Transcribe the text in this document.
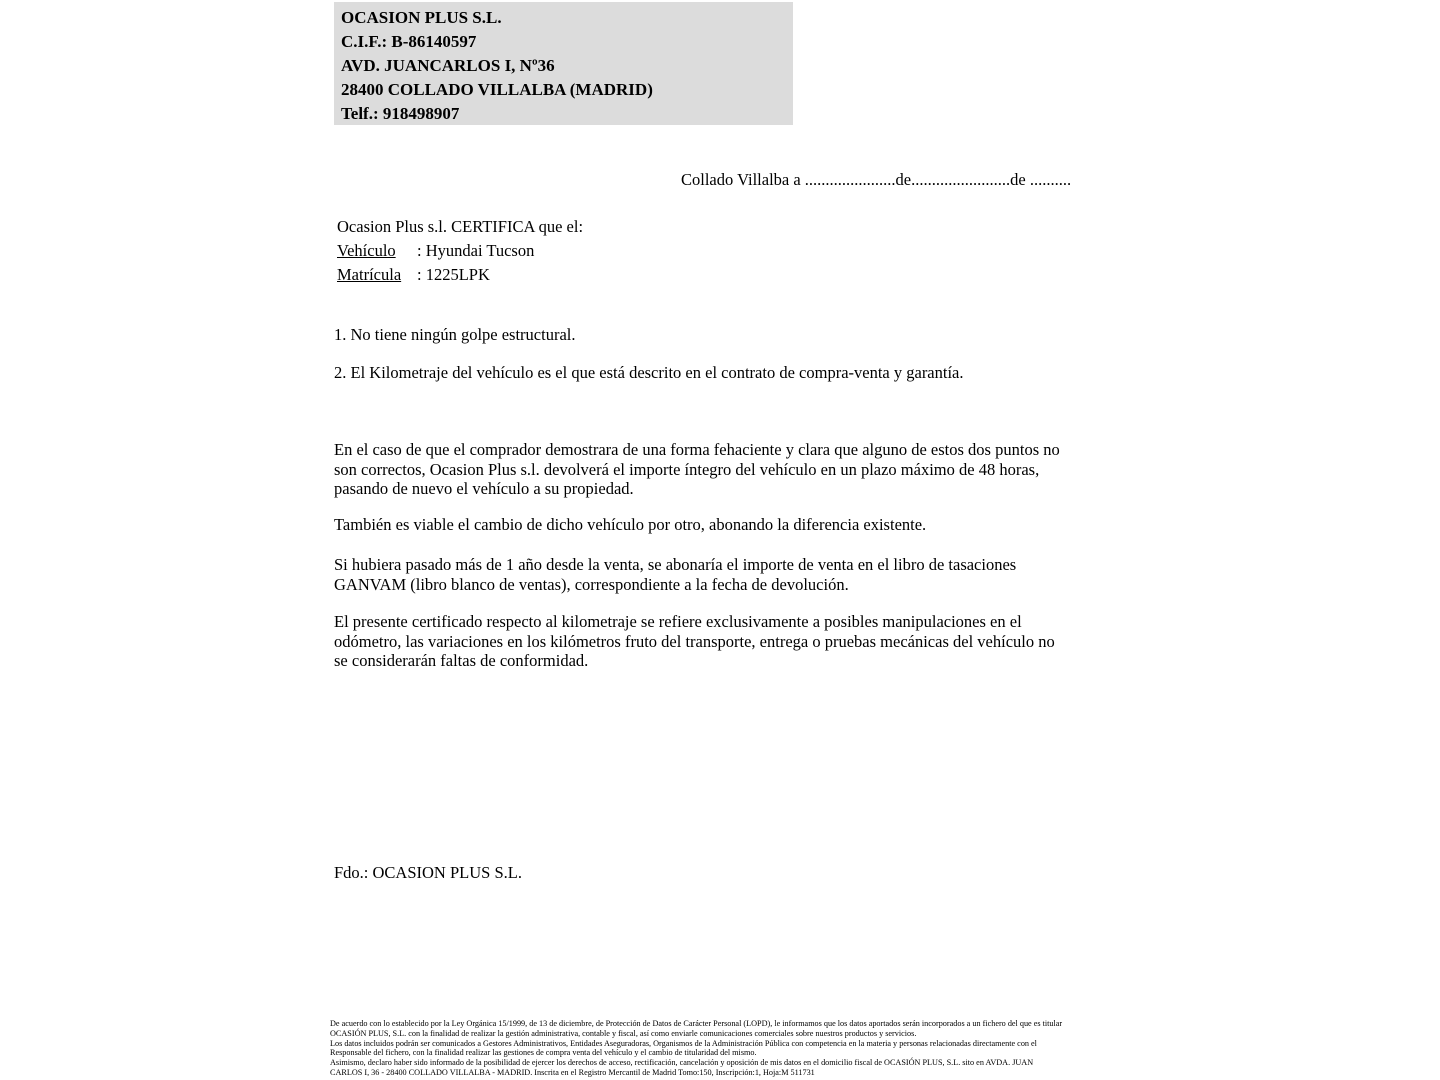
OCASION PLUS S.L.
C.I.F.: B-86140597
AVD. JUANCARLOS I, Nº36
28400 COLLADO VILLALBA (MADRID)
Telf.: 918498907
Collado Villalba a ......................de........................de ..........
Ocasion Plus s.l. CERTIFICA que el:
Vehículo : Hyundai Tucson
Matrícula : 1225LPK
1. No tiene ningún golpe estructural.
2. El Kilometraje del vehículo es el que está descrito en el contrato de compra-venta y garantía.
En el caso de que el comprador demostrara de una forma fehaciente y clara que alguno de estos dos puntos no
son correctos, Ocasion Plus s.l. devolverá el importe íntegro del vehículo en un plazo máximo de 48 horas,
pasando de nuevo el vehículo a su propiedad.
También es viable el cambio de dicho vehículo por otro, abonando la diferencia existente.
Si hubiera pasado más de 1 año desde la venta, se abonaría el importe de venta en el libro de tasaciones
GANVAM (libro blanco de ventas), correspondiente a la fecha de devolución.
El presente certificado respecto al kilometraje se refiere exclusivamente a posibles manipulaciones en el
odómetro, las variaciones en los kilómetros fruto del transporte, entrega o pruebas mecánicas del vehículo no
se considerarán faltas de conformidad.
Fdo.: OCASION PLUS S.L.
De acuerdo con lo establecido por la Ley Orgánica 15/1999, de 13 de diciembre, de Protección de Datos de Carácter Personal (LOPD), le informamos que los datos aportados serán incorporados a un fichero del que es titular
OCASIÓN PLUS, S.L. con la finalidad de realizar la gestión administrativa, contable y fiscal, así como enviarle comunicaciones comerciales sobre nuestros productos y servicios.
Los datos incluidos podrán ser comunicados a Gestores Administrativos, Entidades Aseguradoras, Organismos de la Administración Pública con competencia en la materia y personas relacionadas directamente con el
Responsable del fichero, con la finalidad realizar las gestiones de compra venta del vehículo y el cambio de titularidad del mismo.
Asimismo, declaro haber sido informado de la posibilidad de ejercer los derechos de acceso, rectificación, cancelación y oposición de mis datos en el domicilio fiscal de OCASIÓN PLUS, S.L. sito en AVDA. JUAN
CARLOS I, 36 - 28400 COLLADO VILLALBA - MADRID. Inscrita en el Registro Mercantil de Madrid Tomo:150, Inscripción:1, Hoja:M 511731
